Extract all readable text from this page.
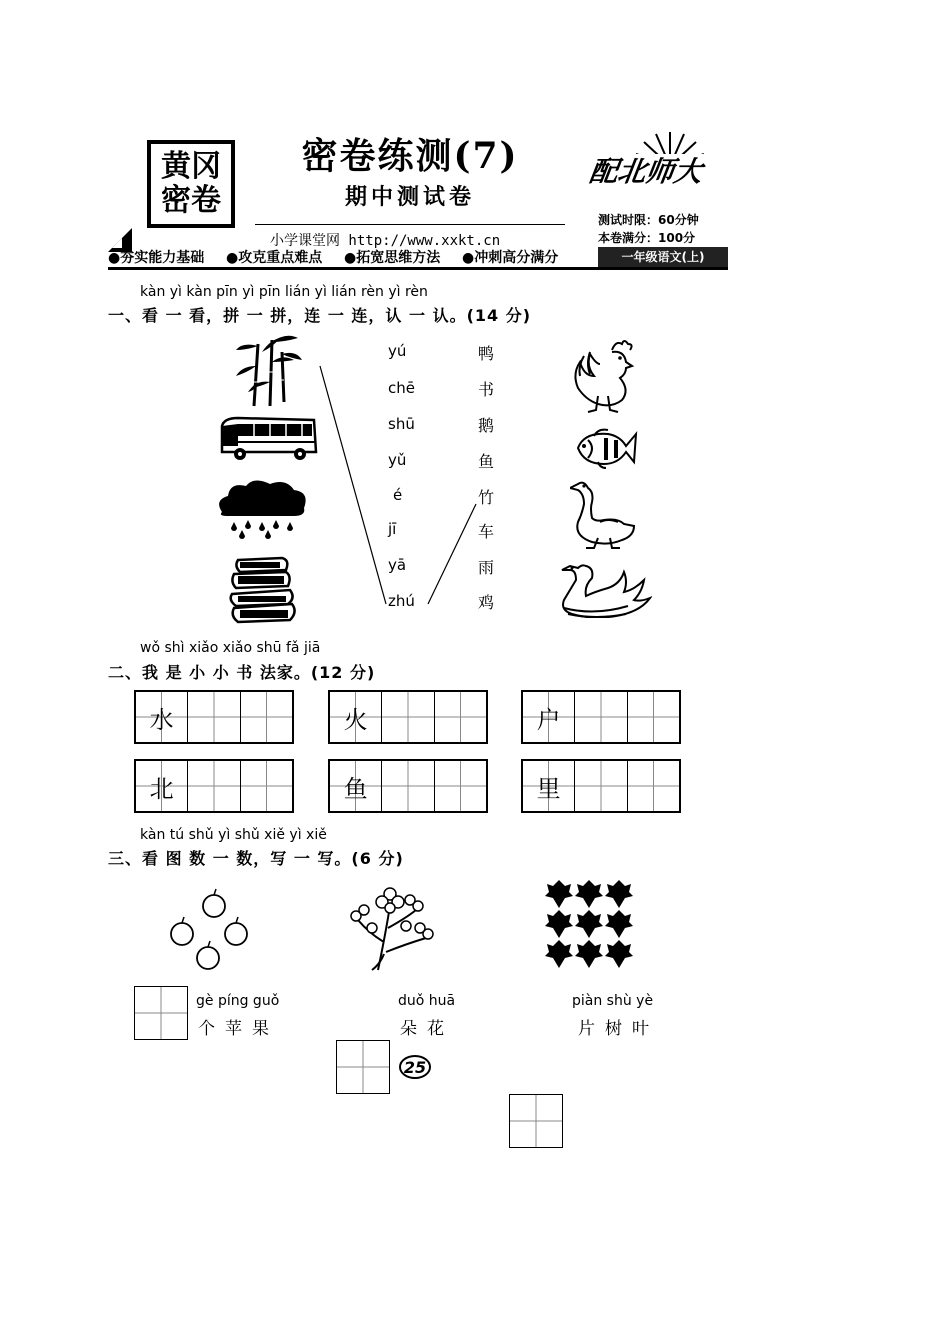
黄冈
密卷
密卷练测(7)
期中测试卷
小学课堂网 http://www.xxkt.cn
配北师大
测试时限：60分钟
本卷满分：100分
●夯实能力基础 ●攻克重点难点 ●拓宽思维方法 ●冲刺高分满分	一年级语文(上)
kàn yì kàn pīn yì pīn lián yì lián rèn yì rèn
一、看 一 看，拼 一 拼，连 一 连，认 一 认。(14 分)
yú
chē
shū
yǔ
é
jī
yā
zhú
鸭
书
鹅
鱼
竹
车
雨
鸡
wǒ shì xiǎo xiǎo shū fǎ jiā
二、我 是 小 小 书 法家。(12 分)
水	火	户
北	鱼	里
kàn tú shǔ yì shǔ xiě yì xiě
三、看 图 数 一 数，写 一 写。(6 分)
gè píng guǒ
个苹果
duǒ huā
朵花
piàn shù yè
片树叶
25
